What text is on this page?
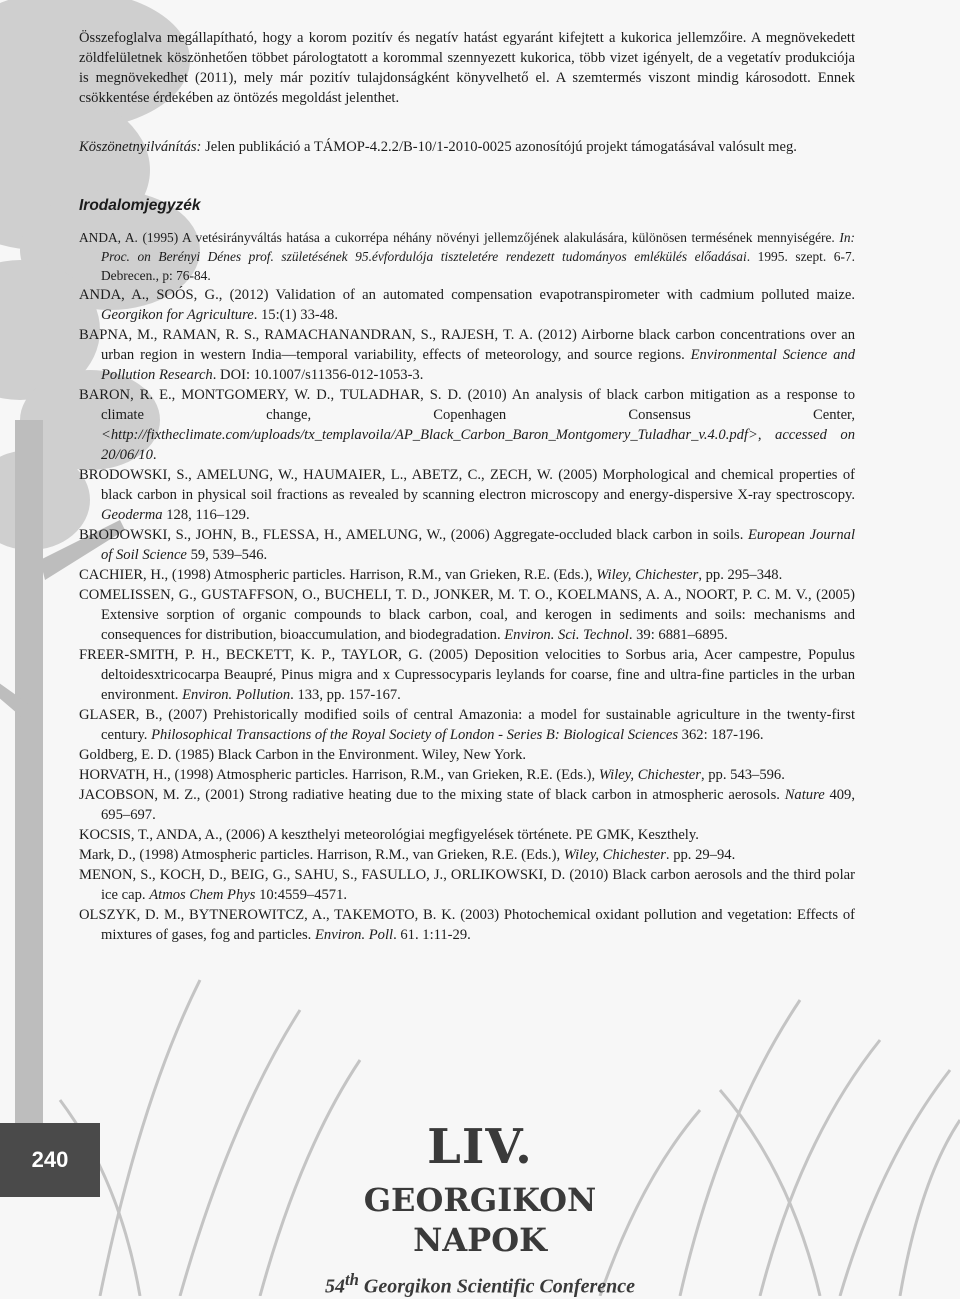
Összefoglalva megállapítható, hogy a korom pozitív és negatív hatást egyaránt kifejtett a kukorica jellemzőire. A megnövekedett zöldfelületnek köszönhetően többet párologtatott a korommal szennyezett kukorica, több vizet igényelt, de a vegetatív produkciója is megnövekedhet (2011), mely már pozitív tulajdonságként könyvelhető el. A szemtermés viszont mindig károsodott. Ennek csökkentése érdekében az öntözés megoldást jelenthet.

Köszönetnyilvánítás: Jelen publikáció a TÁMOP-4.2.2/B-10/1-2010-0025 azonosítójú projekt támogatásával valósult meg.

Irodalomjegyzék

ANDA, A. (1995) A vetésirányváltás hatása a cukorrépa néhány növényi jellemzőjének alakulására, különösen termésének mennyiségére. In: Proc. on Berényi Dénes prof. születésének 95.évfordulója tiszteletére rendezett tudományos emlékülés előadásai. 1995. szept. 6-7. Debrecen., p: 76-84.

ANDA, A., SOÓS, G., (2012) Validation of an automated compensation evapotranspirometer with cadmium polluted maize. Georgikon for Agriculture. 15:(1) 33-48.

BAPNA, M., RAMAN, R. S., RAMACHANANDRAN, S., RAJESH, T. A. (2012) Airborne black carbon concentrations over an urban region in western India—temporal variability, effects of meteorology, and source regions. Environmental Science and Pollution Research. DOI: 10.1007/s11356-012-1053-3.

BARON, R. E., MONTGOMERY, W. D., TULADHAR, S. D. (2010) An analysis of black carbon mitigation as a response to climate change, Copenhagen Consensus Center, <http://fixtheclimate.com/uploads/tx_templavoila/AP_Black_Carbon_Baron_Montgomery_Tuladhar_v.4.0.pdf>, accessed on 20/06/10.

BRODOWSKI, S., AMELUNG, W., HAUMAIER, L., ABETZ, C., ZECH, W. (2005) Morphological and chemical properties of black carbon in physical soil fractions as revealed by scanning electron microscopy and energy-dispersive X-ray spectroscopy. Geoderma 128, 116–129.

BRODOWSKI, S., JOHN, B., FLESSA, H., AMELUNG, W., (2006) Aggregate-occluded black carbon in soils. European Journal of Soil Science 59, 539–546.

CACHIER, H., (1998) Atmospheric particles. Harrison, R.M., van Grieken, R.E. (Eds.), Wiley, Chichester, pp. 295–348.

COMELISSEN, G., GUSTAFFSON, O., BUCHELI, T. D., JONKER, M. T. O., KOELMANS, A. A., NOORT, P. C. M. V., (2005) Extensive sorption of organic compounds to black carbon, coal, and kerogen in sediments and soils: mechanisms and consequences for distribution, bioaccumulation, and biodegradation. Environ. Sci. Technol. 39: 6881–6895.

FREER-SMITH, P. H., BECKETT, K. P., TAYLOR, G. (2005) Deposition velocities to Sorbus aria, Acer campestre, Populus deltoidesxtricocarpa Beaupré, Pinus migra and x Cupressocyparis leylands for coarse, fine and ultra-fine particles in the urban environment. Environ. Pollution. 133, pp. 157-167.

GLASER, B., (2007) Prehistorically modified soils of central Amazonia: a model for sustainable agriculture in the twenty-first century. Philosophical Transactions of the Royal Society of London - Series B: Biological Sciences 362: 187-196.

Goldberg, E. D. (1985) Black Carbon in the Environment. Wiley, New York.

HORVATH, H., (1998) Atmospheric particles. Harrison, R.M., van Grieken, R.E. (Eds.), Wiley, Chichester, pp. 543–596.

JACOBSON, M. Z., (2001) Strong radiative heating due to the mixing state of black carbon in atmospheric aerosols. Nature 409, 695–697.

KOCSIS, T., ANDA, A., (2006) A keszthelyi meteorológiai megfigyelések története. PE GMK, Keszthely.

Mark, D., (1998) Atmospheric particles. Harrison, R.M., van Grieken, R.E. (Eds.), Wiley, Chichester. pp. 29–94.

MENON, S., KOCH, D., BEIG, G., SAHU, S., FASULLO, J., ORLIKOWSKI, D. (2010) Black carbon aerosols and the third polar ice cap. Atmos Chem Phys 10:4559–4571.

OLSZYK, D. M., BYTNEROWITCZ, A., TAKEMOTO, B. K. (2003) Photochemical oxidant pollution and vegetation: Effects of mixtures of gases, fog and particles. Environ. Poll. 61. 1:11-29.

240	LIV.
GEORGIKON NAPOK
54th Georgikon Scientific Conference
